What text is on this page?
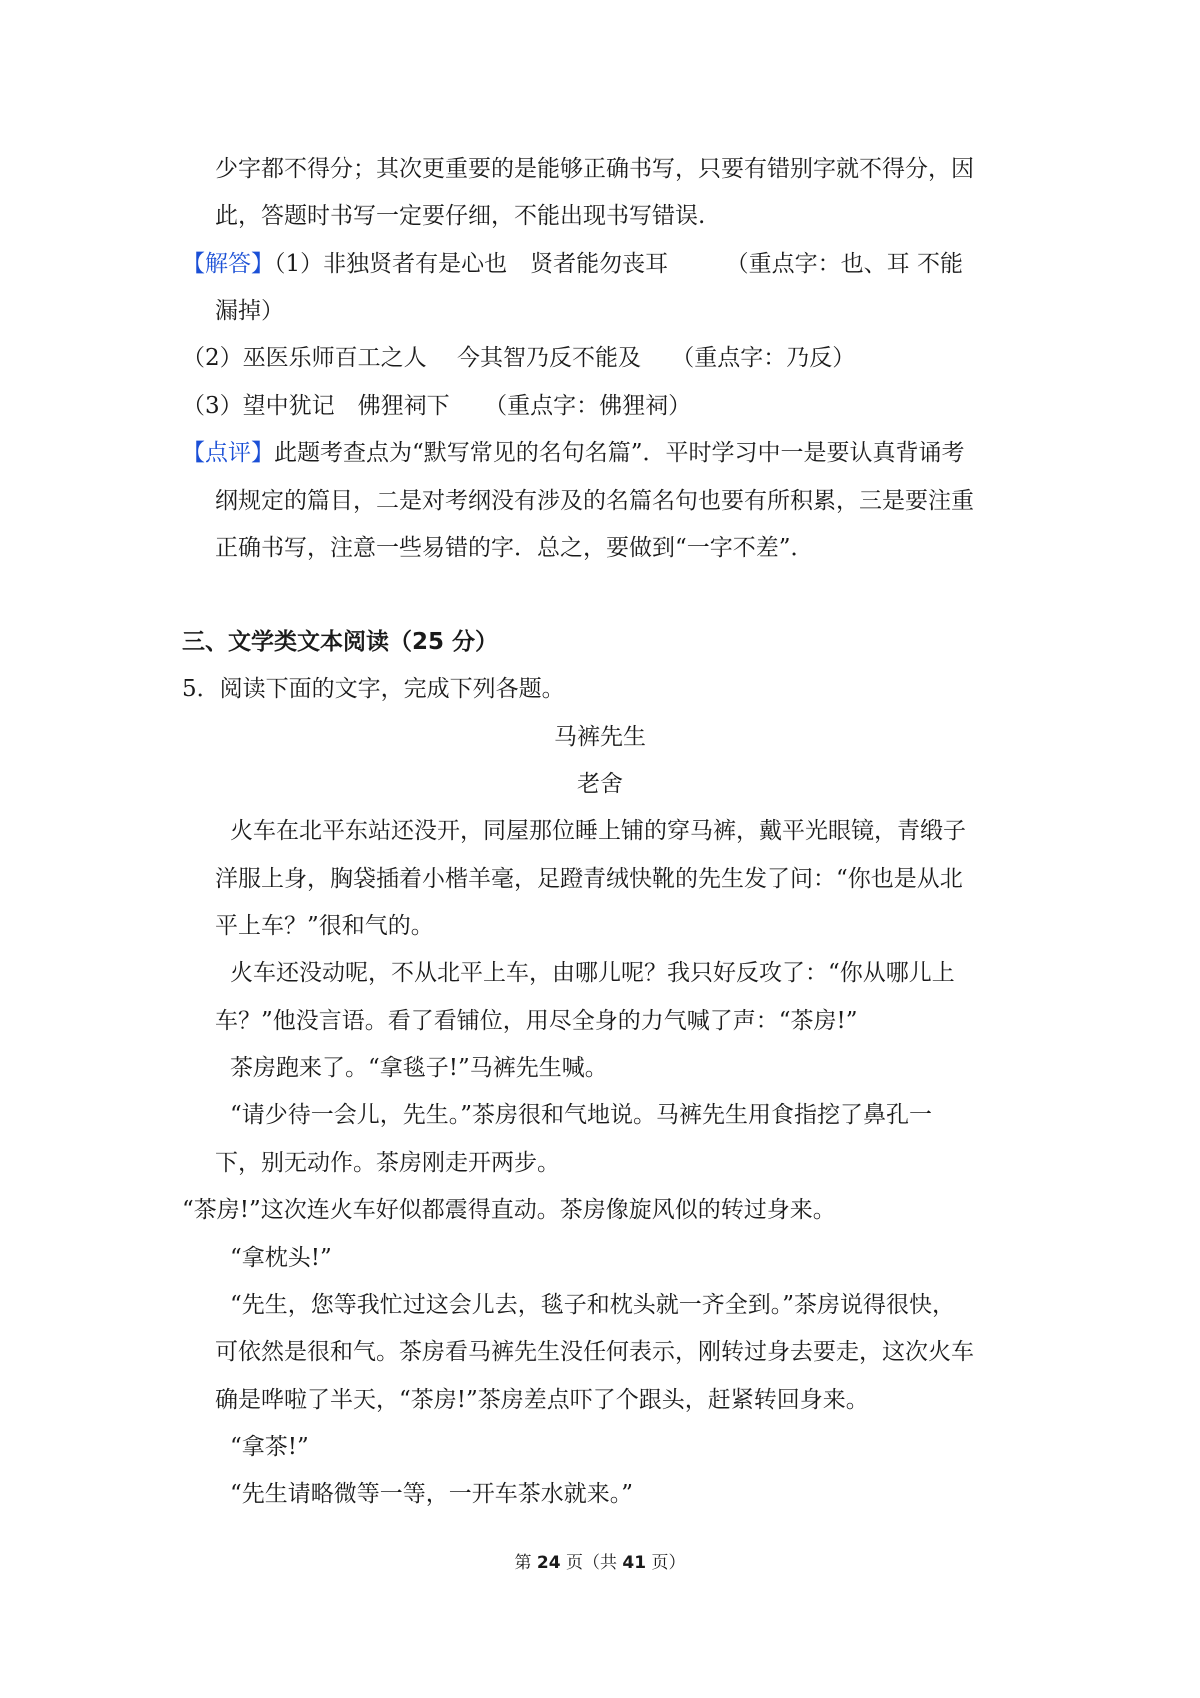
少字都不得分；其次更重要的是能够正确书写，只要有错别字就不得分，因
此，答题时书写一定要仔细，不能出现书写错误.
【解答】（1）非独贤者有是心也　贤者能勿丧耳　　　（重点字：也、耳 不能
漏掉）
（2）巫医乐师百工之人　 今其智乃反不能及　 （重点字：乃反）
（3）望中犹记　佛狸祠下　　（重点字：佛狸祠）
【点评】此题考查点为“默写常见的名句名篇”．平时学习中一是要认真背诵考
纲规定的篇目，二是对考纲没有涉及的名篇名句也要有所积累，三是要注重
正确书写，注意一些易错的字．总之，要做到“一字不差”．
三、文学类文本阅读（25 分）
5．阅读下面的文字，完成下列各题。
马裤先生
老舍
火车在北平东站还没开，同屋那位睡上铺的穿马裤，戴平光眼镜，青缎子
洋服上身，胸袋插着小楷羊毫，足蹬青绒快靴的先生发了问：“你也是从北
平上车？”很和气的。
火车还没动呢，不从北平上车，由哪儿呢？我只好反攻了：“你从哪儿上
车？”他没言语。看了看铺位，用尽全身的力气喊了声：“茶房!”
茶房跑来了。“拿毯子!”马裤先生喊。
“请少待一会儿，先生。”茶房很和气地说。马裤先生用食指挖了鼻孔一
下，别无动作。茶房刚走开两步。
“茶房!”这次连火车好似都震得直动。茶房像旋风似的转过身来。
“拿枕头!”
“先生，您等我忙过这会儿去，毯子和枕头就一齐全到。”茶房说得很快，
可依然是很和气。茶房看马裤先生没任何表示，刚转过身去要走，这次火车
确是哗啦了半天，“茶房!”茶房差点吓了个跟头，赶紧转回身来。
“拿茶!”
“先生请略微等一等，一开车茶水就来。”
第 24 页（共 41 页）
